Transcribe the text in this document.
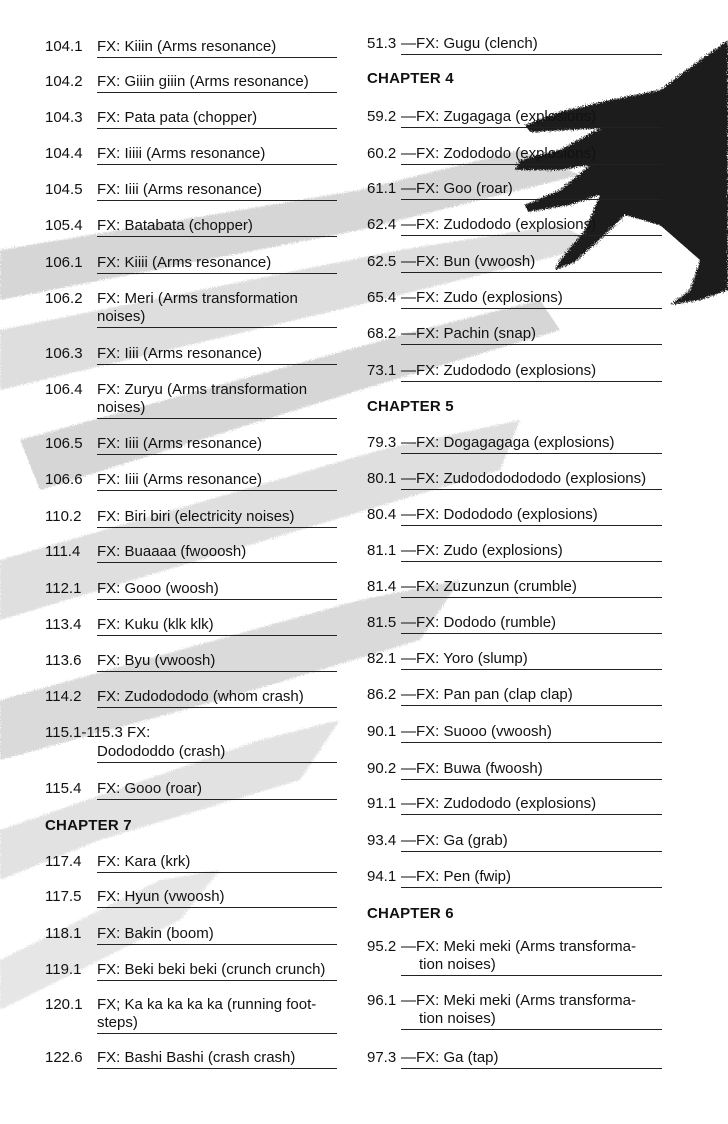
104.1 FX: Kiiin (Arms resonance)
104.2 FX: Giiin giiin (Arms resonance)
104.3 FX: Pata pata (chopper)
104.4 FX: Iiiii (Arms resonance)
104.5 FX: Iiii (Arms resonance)
105.4 FX: Batabata (chopper)
106.1 FX: Kiiii (Arms resonance)
106.2 FX: Meri (Arms transformation
noises)
106.3 FX: Iiii (Arms resonance)
106.4 FX: Zuryu (Arms transformation
noises)
106.5 FX: Iiii (Arms resonance)
106.6 FX: Iiii (Arms resonance)
110.2 FX: Biri biri (electricity noises)
111.4 FX: Buaaaa (fwooosh)
112.1 FX: Gooo (woosh)
113.4 FX: Kuku (klk klk)
113.6 FX: Byu (vwoosh)
114.2 FX: Zudodododo (whom crash)
115.1-115.3 FX:
Dodododdo (crash)
115.4 FX: Gooo (roar)
CHAPTER 7
117.4 FX: Kara (krk)
117.5 FX: Hyun (vwoosh)
118.1 FX: Bakin (boom)
119.1 FX: Beki beki beki (crunch crunch)
120.1 FX; Ka ka ka ka ka (running foot-
steps)
122.6 FX: Bashi Bashi (crash crash)
51.3 —FX: Gugu (clench)
CHAPTER 4
59.2 —FX: Zugagaga (explosions)
60.2 —FX: Zodododo (explosions)
61.1 —FX: Goo (roar)
62.4 —FX: Zudododo (explosions)
62.5 —FX: Bun (vwoosh)
65.4 —FX: Zudo (explosions)
68.2 —FX: Pachin (snap)
73.1 —FX: Zudododo (explosions)
CHAPTER 5
79.3 —FX: Dogagagaga (explosions)
80.1 —FX: Zudodododododo (explosions)
80.4 —FX: Dodododo (explosions)
81.1 —FX: Zudo (explosions)
81.4 —FX: Zuzunzun (crumble)
81.5 —FX: Dododo (rumble)
82.1 —FX: Yoro (slump)
86.2 —FX: Pan pan (clap clap)
90.1 —FX: Suooo (vwoosh)
90.2 —FX: Buwa (fwoosh)
91.1 —FX: Zudododo (explosions)
93.4 —FX: Ga (grab)
94.1 —FX: Pen (fwip)
CHAPTER 6
95.2 —FX: Meki meki (Arms transforma-
tion noises)
96.1 —FX: Meki meki (Arms transforma-
tion noises)
97.3 —FX: Ga (tap)
